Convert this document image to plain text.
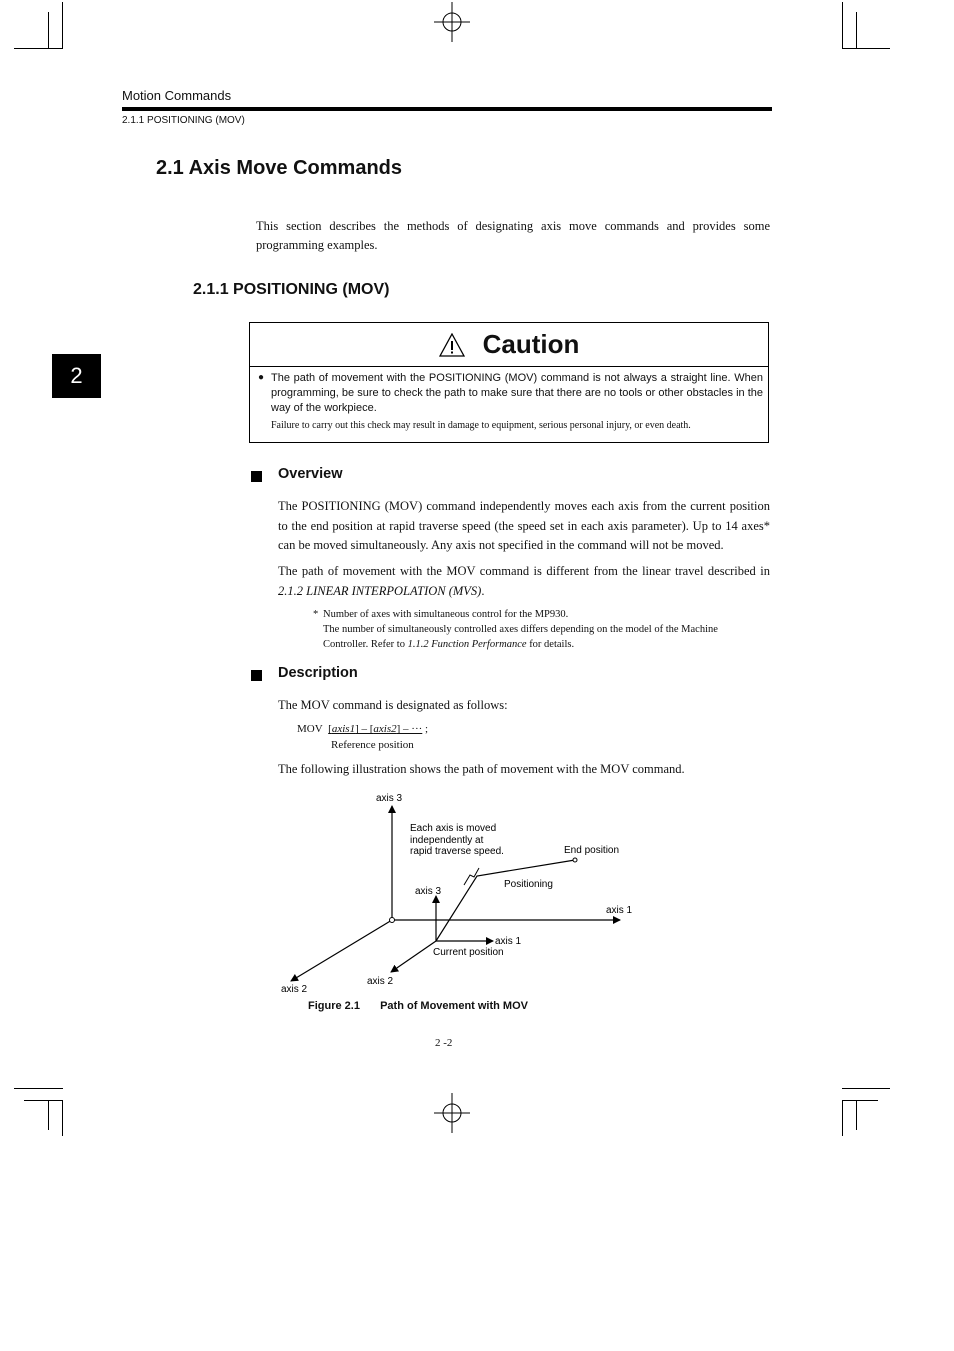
Motion Commands
2.1.1 POSITIONING (MOV)
2
2.1 Axis Move Commands
This section describes the methods of designating axis move commands and provides some programming examples.
2.1.1 POSITIONING (MOV)
Caution
● The path of movement with the POSITIONING (MOV) command is not always a straight line. When programming, be sure to check the path to make sure that there are no tools or other obstacles in the way of the workpiece.
Failure to carry out this check may result in damage to equipment, serious personal injury, or even death.
Overview
The POSITIONING (MOV) command independently moves each axis from the current position to the end position at rapid traverse speed (the speed set in each axis parameter). Up to 14 axes* can be moved simultaneously. Any axis not specified in the command will not be moved.
The path of movement with the MOV command is different from the linear travel described in 2.1.2 LINEAR INTERPOLATION (MVS).
* Number of axes with simultaneous control for the MP930.
The number of simultaneously controlled axes differs depending on the model of the Machine Controller. Refer to 1.1.2 Function Performance for details.
Description
The MOV command is designated as follows:
MOV [axis1] – [axis2] – ··· ;
Reference position
The following illustration shows the path of movement with the MOV command.
axis 3
Each axis is moved
independently at
rapid traverse speed.	End position
Positioning
axis 3
axis 1
axis 1
Current position
axis 2
axis 2
Figure 2.1 Path of Movement with MOV
2 -2
